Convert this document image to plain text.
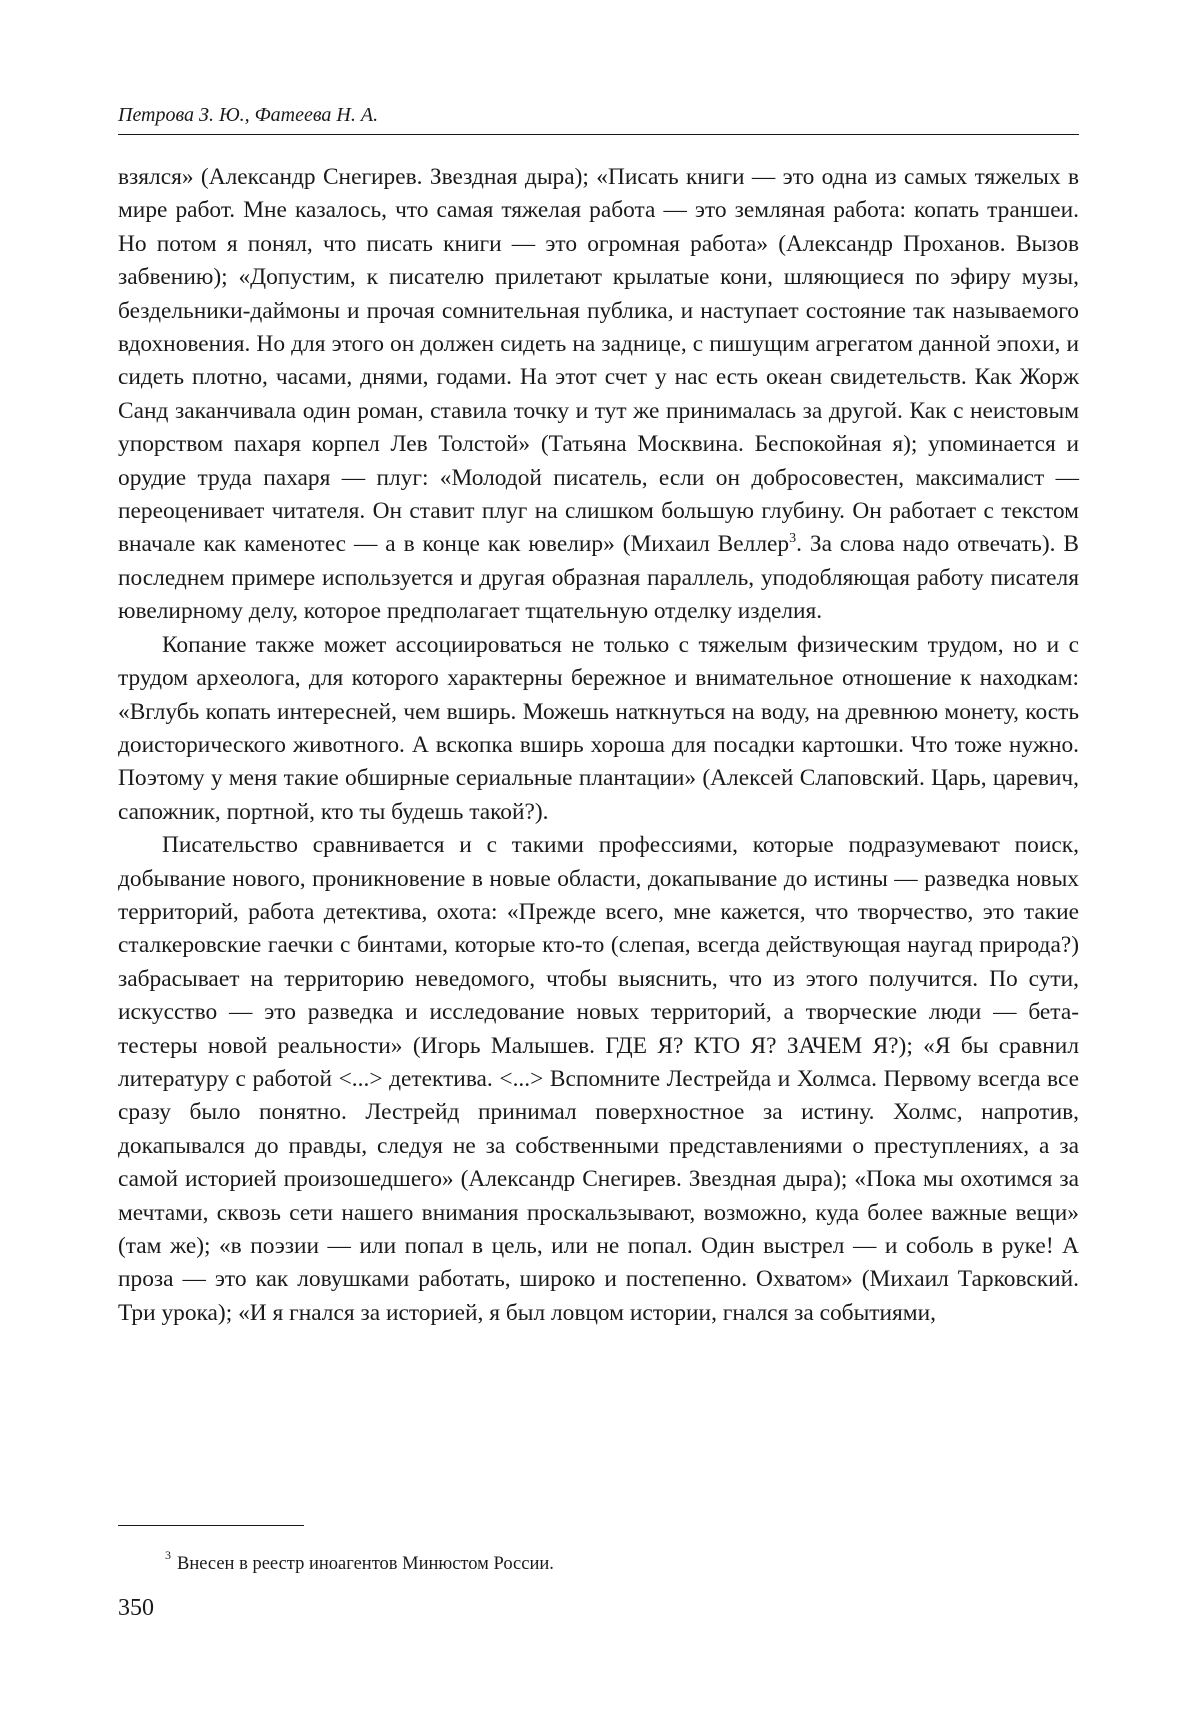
Петрова З. Ю., Фатеева Н. А.

взялся» (Александр Снегирев. Звездная дыра); «Писать книги — это одна из самых тяжелых в мире работ. Мне казалось, что самая тяжелая работа — это земляная работа: копать траншеи. Но потом я понял, что писать книги — это огромная работа» (Александр Проханов. Вызов забвению); «Допустим, к писателю прилетают крылатые кони, шляющиеся по эфиру музы, бездельники-даймоны и прочая сомнительная публика, и наступает состояние так называемого вдохновения. Но для этого он должен сидеть на заднице, с пишущим агрегатом данной эпохи, и сидеть плотно, часами, днями, годами. На этот счет у нас есть океан свидетельств. Как Жорж Санд заканчивала один роман, ставила точку и тут же принималась за другой. Как с неистовым упорством пахаря корпел Лев Толстой» (Татьяна Москвина. Беспокойная я); упоминается и орудие труда пахаря — плуг: «Молодой писатель, если он добросовестен, максималист — переоценивает читателя. Он ставит плуг на слишком большую глубину. Он работает с текстом вначале как каменотес — а в конце как ювелир» (Михаил Веллер$^3$. За слова надо отвечать). В последнем примере используется и другая образная параллель, уподобляющая работу писателя ювелирному делу, которое предполагает тщательную отделку изделия.

Копание также может ассоциироваться не только с тяжелым физическим трудом, но и с трудом археолога, для которого характерны бережное и внимательное отношение к находкам: «Вглубь копать интересней, чем вширь. Можешь наткнуться на воду, на древнюю монету, кость доисторического животного. А вскопка вширь хороша для посадки картошки. Что тоже нужно. Поэтому у меня такие обширные сериальные плантации» (Алексей Слаповский. Царь, царевич, сапожник, портной, кто ты будешь такой?).

Писательство сравнивается и с такими профессиями, которые подразумевают поиск, добывание нового, проникновение в новые области, докапывание до истины — разведка новых территорий, работа детектива, охота: «Прежде всего, мне кажется, что творчество, это такие сталкеровские гаечки с бинтами, которые кто-то (слепая, всегда действующая наугад природа?) забрасывает на территорию неведомого, чтобы выяснить, что из этого получится. По сути, искусство — это разведка и исследование новых территорий, а творческие люди — бета-тестеры новой реальности» (Игорь Малышев. ГДЕ Я? КТО Я? ЗАЧЕМ Я?); «Я бы сравнил литературу с работой <...> детектива. <...> Вспомните Лестрейда и Холмса. Первому всегда все сразу было понятно. Лестрейд принимал поверхностное за истину. Холмс, напротив, докапывался до правды, следуя не за собственными представлениями о преступлениях, а за самой историей произошедшего» (Александр Снегирев. Звездная дыра); «Пока мы охотимся за мечтами, сквозь сети нашего внимания проскальзывают, возможно, куда более важные вещи» (там же); «в поэзии — или попал в цель, или не попал. Один выстрел — и соболь в руке! А проза — это как ловушками работать, широко и постепенно. Охватом» (Михаил Тарковский. Три урока); «И я гнался за историей, я был ловцом истории, гнался за событиями,

$^3$ Внесен в реестр иноагентов Минюстом России.
350
